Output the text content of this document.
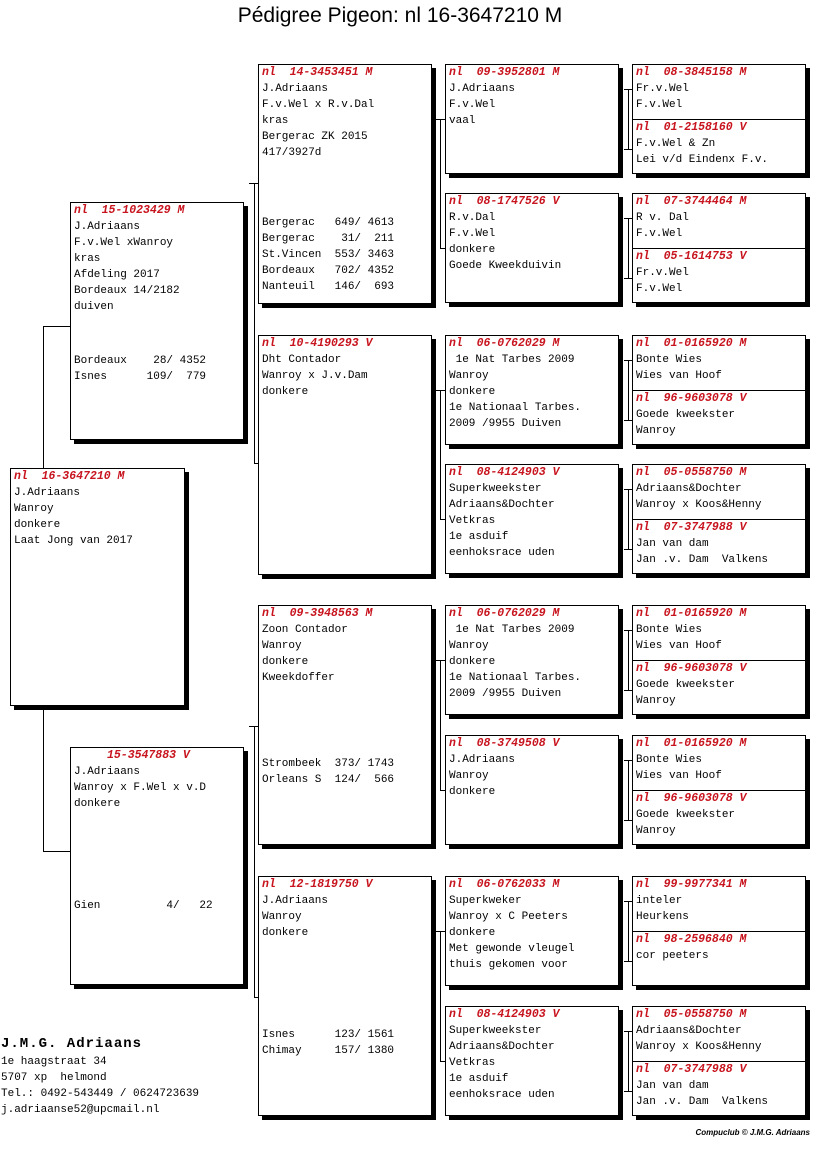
Pédigree Pigeon: nl 16-3647210 M
nl  16-3647210 M
J.Adriaans
Wanroy
donkere
Laat Jong van 2017
nl  15-1023429 M
J.Adriaans
F.v.Wel xWanroy
kras
Afdeling 2017
Bordeaux 14/2182
duiven
Bordeaux    28/ 4352
Isnes      109/  779
15-3547883 V
J.Adriaans
Wanroy x F.Wel x v.D
donkere
Gien          4/   22
nl  14-3453451 M
J.Adriaans
F.v.Wel x R.v.Dal
kras
Bergerac ZK 2015
417/3927d
Bergerac   649/ 4613
Bergerac    31/  211
St.Vincen  553/ 3463
Bordeaux   702/ 4352
Nanteuil   146/  693
nl  10-4190293 V
Dht Contador
Wanroy x J.v.Dam
donkere
nl  09-3948563 M
Zoon Contador
Wanroy
donkere
Kweekdoffer
Strombeek  373/ 1743
Orleans S  124/  566
nl  12-1819750 V
J.Adriaans
Wanroy
donkere
Isnes      123/ 1561
Chimay     157/ 1380
nl  09-3952801 M
J.Adriaans
F.v.Wel
vaal
nl  08-1747526 V
R.v.Dal
F.v.Wel
donkere
Goede Kweekduivin
nl  06-0762029 M
1e Nat Tarbes 2009
Wanroy
donkere
1e Nationaal Tarbes.
2009 /9955 Duiven
nl  08-4124903 V
Superkweekster
Adriaans&Dochter
Vetkras
1e asduif
eenhoksrace uden
nl  06-0762029 M
1e Nat Tarbes 2009
Wanroy
donkere
1e Nationaal Tarbes.
2009 /9955 Duiven
nl  08-3749508 V
J.Adriaans
Wanroy
donkere
nl  06-0762033 M
Superkweker
Wanroy x C Peeters
donkere
Met gewonde vleugel
thuis gekomen voor
nl  08-4124903 V
Superkweekster
Adriaans&Dochter
Vetkras
1e asduif
eenhoksrace uden
nl  08-3845158 M
Fr.v.Wel
F.v.Wel
nl  01-2158160 V
F.v.Wel & Zn
Lei v/d Eindenx F.v.
nl  07-3744464 M
R v. Dal
F.v.Wel
nl  05-1614753 V
Fr.v.Wel
F.v.Wel
nl  01-0165920 M
Bonte Wies
Wies van Hoof
nl  96-9603078 V
Goede kweekster
Wanroy
nl  05-0558750 M
Adriaans&Dochter
Wanroy x Koos&Henny
nl  07-3747988 V
Jan van dam
Jan .v. Dam  Valkens
nl  01-0165920 M
Bonte Wies
Wies van Hoof
nl  96-9603078 V
Goede kweekster
Wanroy
nl  01-0165920 M
Bonte Wies
Wies van Hoof
nl  96-9603078 V
Goede kweekster
Wanroy
nl  99-9977341 M
inteler
Heurkens
nl  98-2596840 M
cor peeters
nl  05-0558750 M
Adriaans&Dochter
Wanroy x Koos&Henny
nl  07-3747988 V
Jan van dam
Jan .v. Dam  Valkens
J.M.G. Adriaans
1e haagstraat 34
5707 xp  helmond
Tel.: 0492-543449 / 0624723639
j.adriaanse52@upcmail.nl
Compuclub © J.M.G. Adriaans
